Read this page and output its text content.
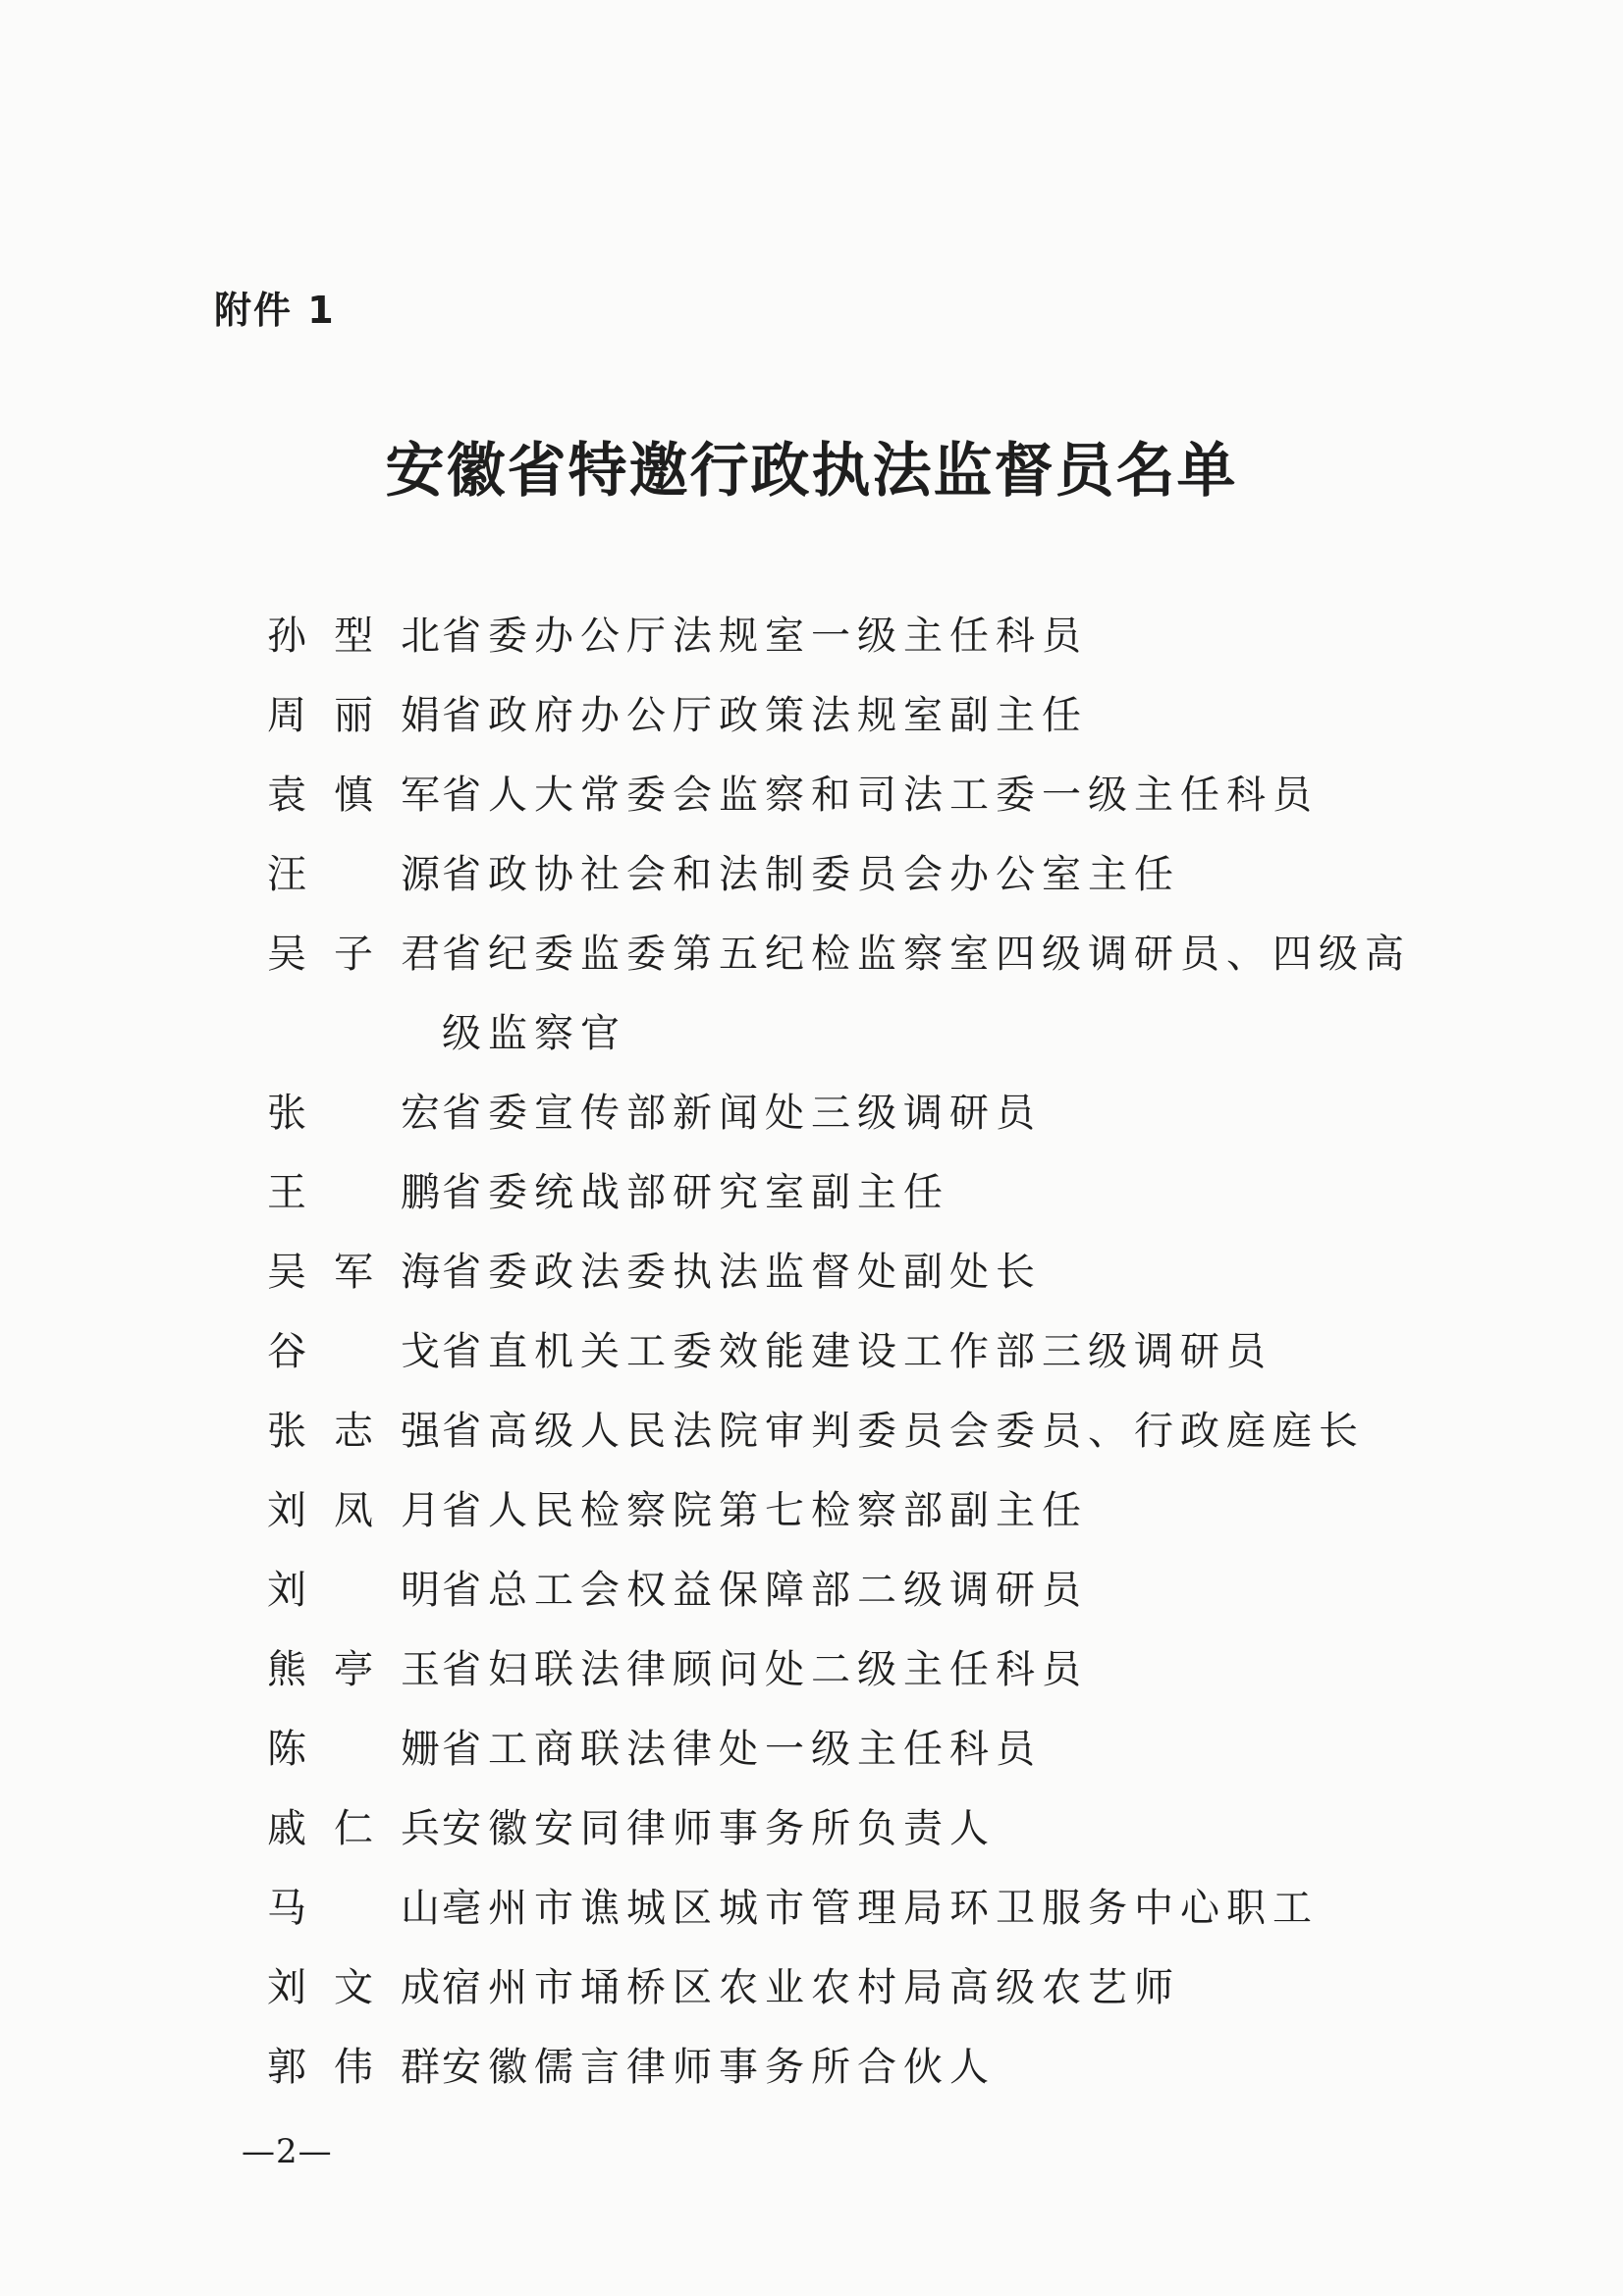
附件 1
安徽省特邀行政执法监督员名单
孙型北 省委办公厅法规室一级主任科员
周丽娟 省政府办公厅政策法规室副主任
袁慎军 省人大常委会监察和司法工委一级主任科员
汪源 省政协社会和法制委员会办公室主任
吴子君 省纪委监委第五纪检监察室四级调研员、四级高级监察官
张宏 省委宣传部新闻处三级调研员
王鹏 省委统战部研究室副主任
吴军海 省委政法委执法监督处副处长
谷戈 省直机关工委效能建设工作部三级调研员
张志强 省高级人民法院审判委员会委员、行政庭庭长
刘凤月 省人民检察院第七检察部副主任
刘明 省总工会权益保障部二级调研员
熊亭玉 省妇联法律顾问处二级主任科员
陈姗 省工商联法律处一级主任科员
戚仁兵 安徽安同律师事务所负责人
马山 亳州市谯城区城市管理局环卫服务中心职工
刘文成 宿州市埇桥区农业农村局高级农艺师
郭伟群 安徽儒言律师事务所合伙人
—2—
